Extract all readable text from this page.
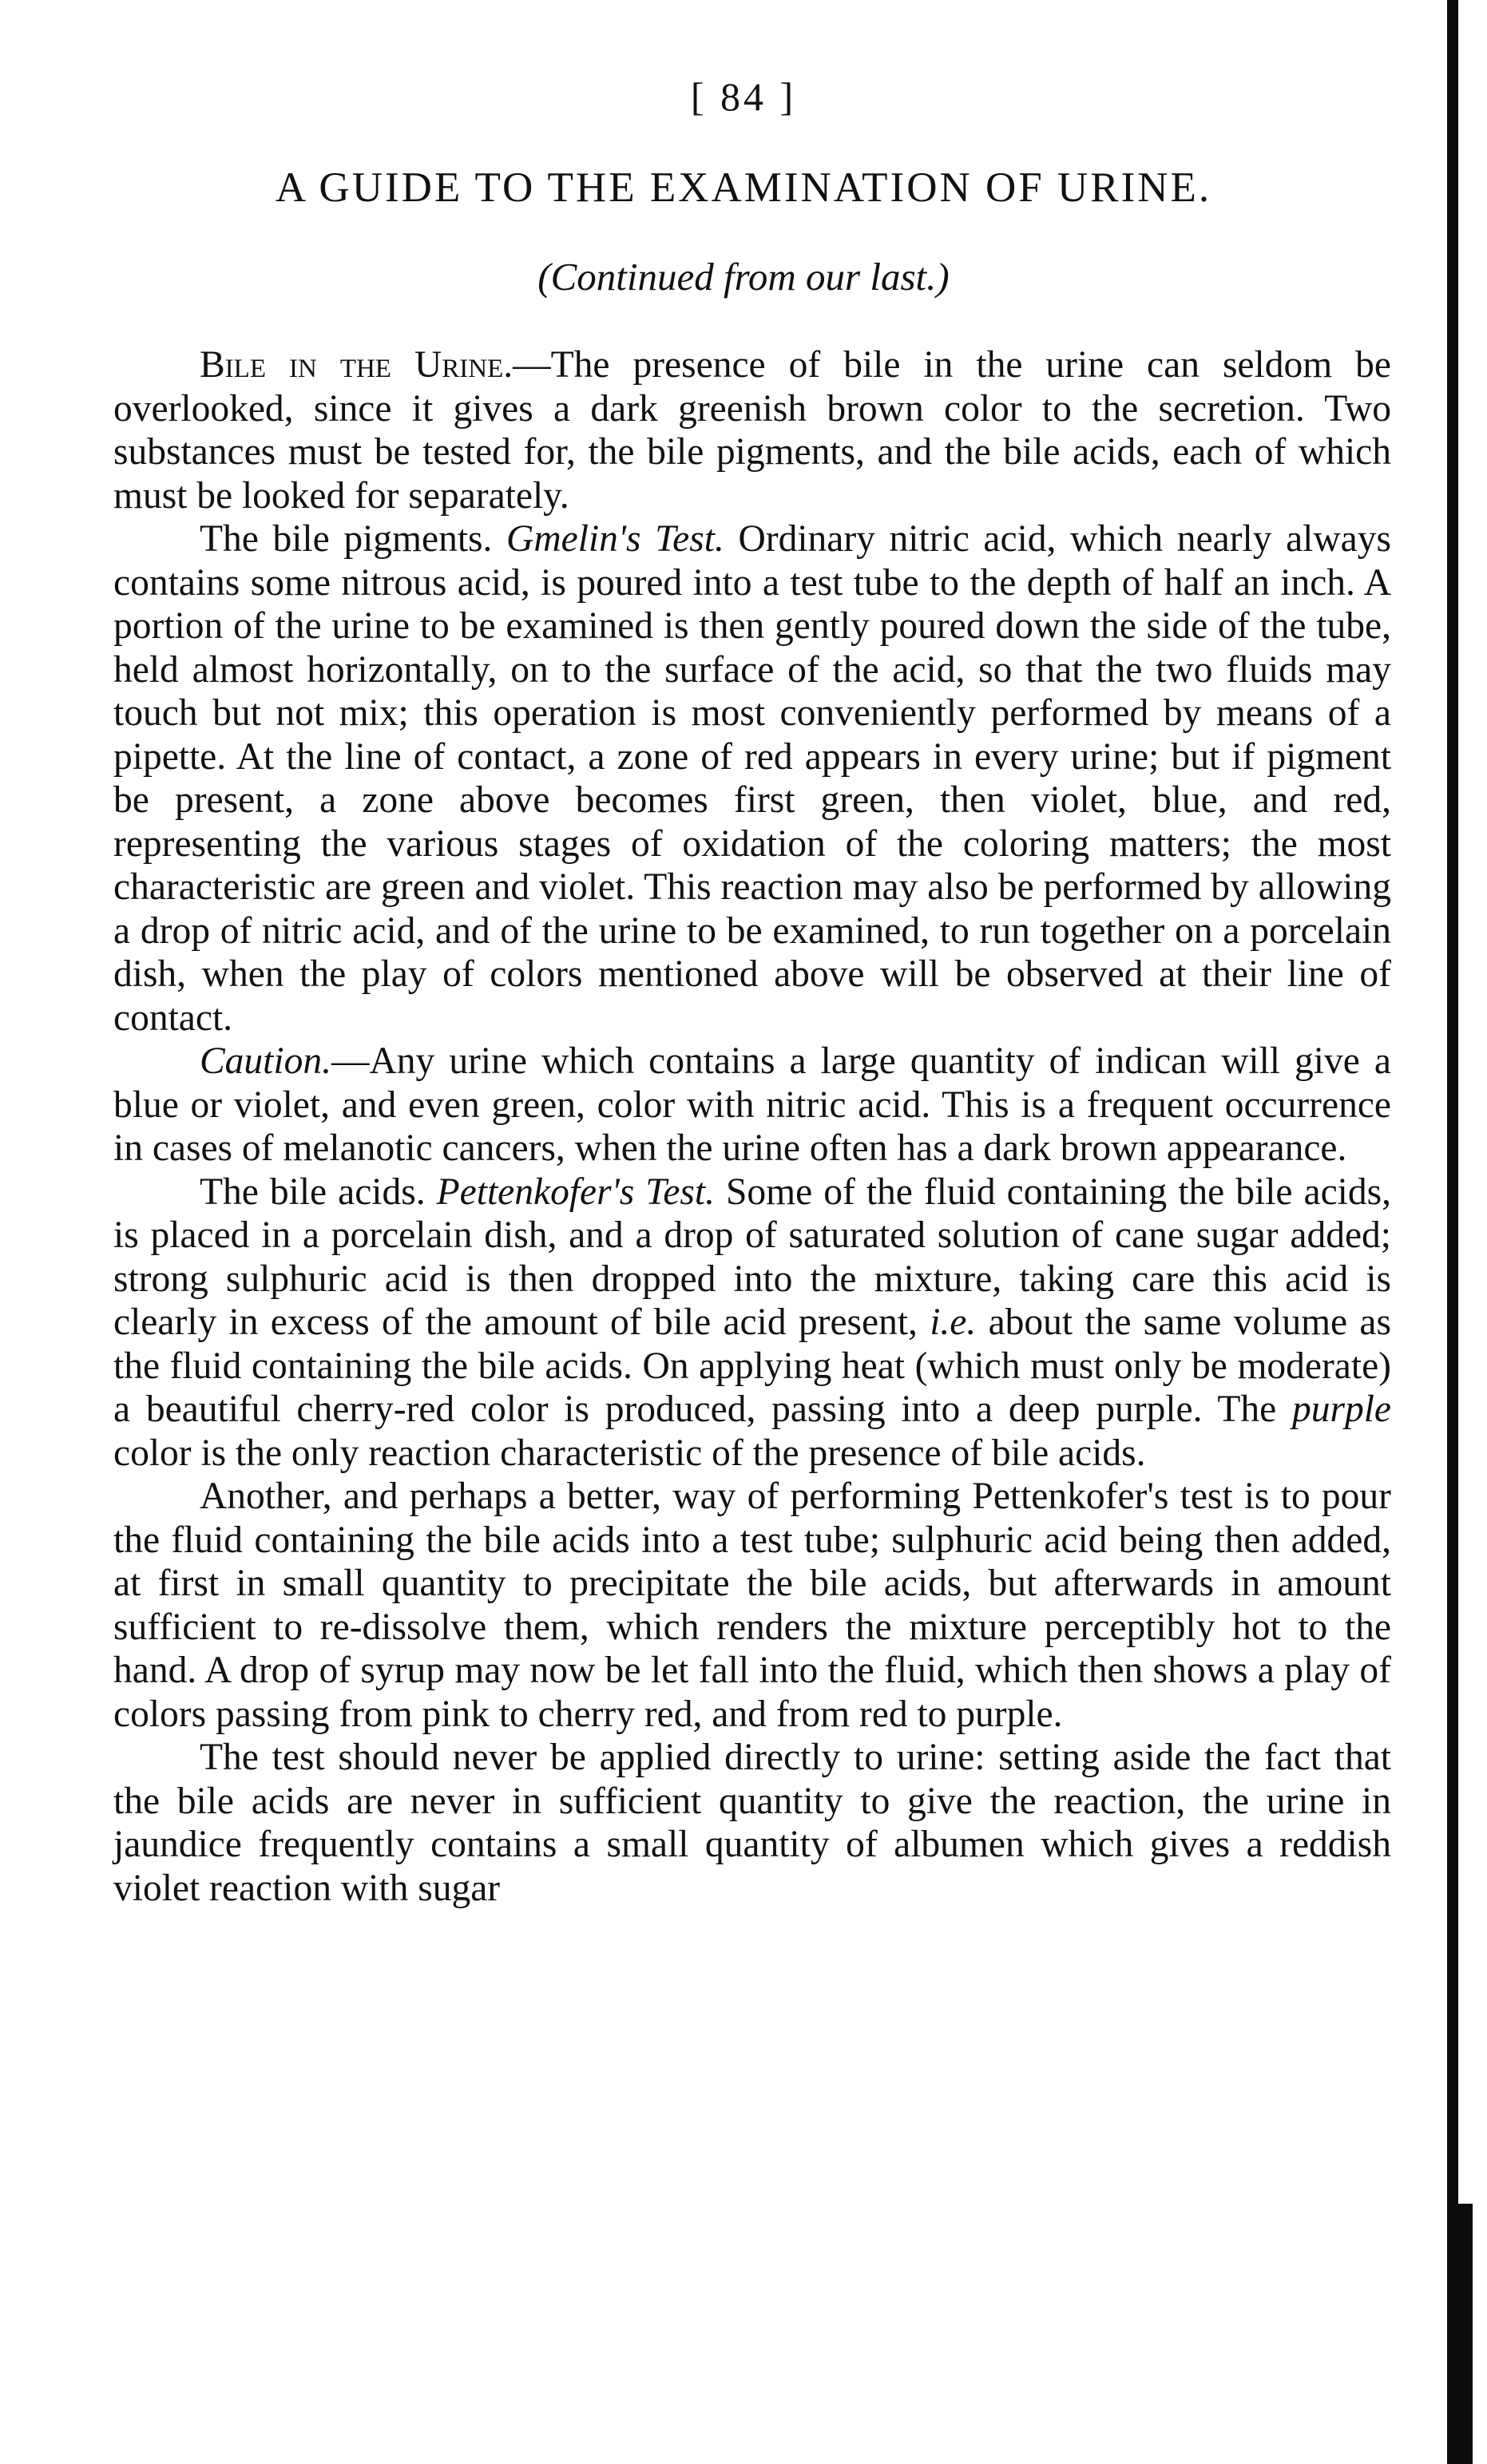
[ 84 ]
A GUIDE TO THE EXAMINATION OF URINE.
(Continued from our last.)

Bile in the Urine.—The presence of bile in the urine can seldom be overlooked, since it gives a dark greenish brown color to the secretion. Two substances must be tested for, the bile pigments, and the bile acids, each of which must be looked for separately.

The bile pigments. Gmelin's Test. Ordinary nitric acid, which nearly always contains some nitrous acid, is poured into a test tube to the depth of half an inch. A portion of the urine to be examined is then gently poured down the side of the tube, held almost horizontally, on to the surface of the acid, so that the two fluids may touch but not mix; this operation is most conveniently performed by means of a pipette. At the line of contact, a zone of red appears in every urine; but if pigment be present, a zone above becomes first green, then violet, blue, and red, representing the various stages of oxidation of the coloring matters; the most characteristic are green and violet. This reaction may also be performed by allowing a drop of nitric acid, and of the urine to be examined, to run together on a porcelain dish, when the play of colors mentioned above will be observed at their line of contact.

Caution.—Any urine which contains a large quantity of indican will give a blue or violet, and even green, color with nitric acid. This is a frequent occurrence in cases of melanotic cancers, when the urine often has a dark brown appearance.

The bile acids. Pettenkofer's Test. Some of the fluid containing the bile acids, is placed in a porcelain dish, and a drop of saturated solution of cane sugar added; strong sulphuric acid is then dropped into the mixture, taking care this acid is clearly in excess of the amount of bile acid present, i.e. about the same volume as the fluid containing the bile acids. On applying heat (which must only be moderate) a beautiful cherry-red color is produced, passing into a deep purple. The purple color is the only reaction characteristic of the presence of bile acids.

Another, and perhaps a better, way of performing Pettenkofer's test is to pour the fluid containing the bile acids into a test tube; sulphuric acid being then added, at first in small quantity to precipitate the bile acids, but afterwards in amount sufficient to re-dissolve them, which renders the mixture perceptibly hot to the hand. A drop of syrup may now be let fall into the fluid, which then shows a play of colors passing from pink to cherry red, and from red to purple.

The test should never be applied directly to urine: setting aside the fact that the bile acids are never in sufficient quantity to give the reaction, the urine in jaundice frequently contains a small quantity of albumen which gives a reddish violet reaction with sugar
